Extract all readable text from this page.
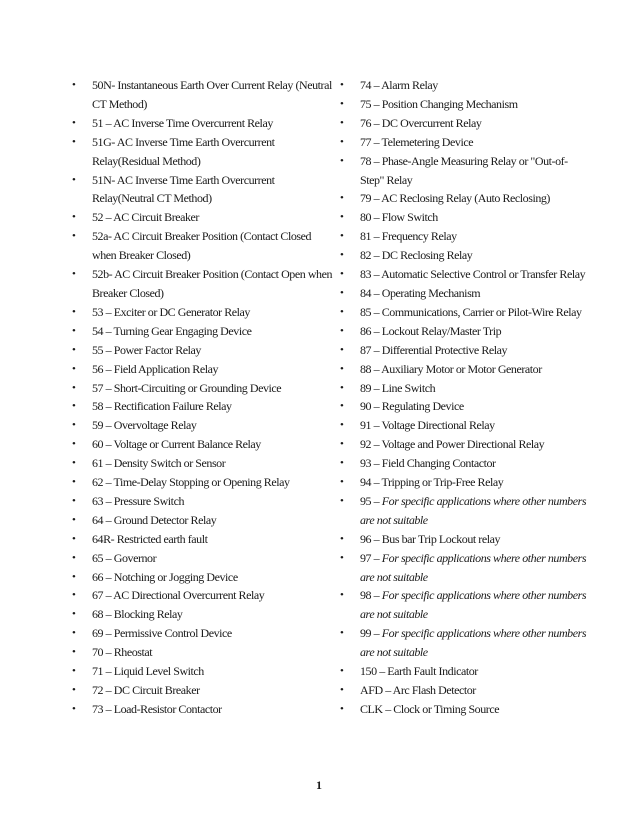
• 50N- Instantaneous Earth Over Current Relay (Neutral CT Method)
• 51 – AC Inverse Time Overcurrent Relay
• 51G- AC Inverse Time Earth Overcurrent Relay(Residual Method)
• 51N- AC Inverse Time Earth Overcurrent Relay(Neutral CT Method)
• 52 – AC Circuit Breaker
• 52a- AC Circuit Breaker Position (Contact Closed when Breaker Closed)
• 52b- AC Circuit Breaker Position (Contact Open when Breaker Closed)
• 53 – Exciter or DC Generator Relay
• 54 – Turning Gear Engaging Device
• 55 – Power Factor Relay
• 56 – Field Application Relay
• 57 – Short-Circuiting or Grounding Device
• 58 – Rectification Failure Relay
• 59 – Overvoltage Relay
• 60 – Voltage or Current Balance Relay
• 61 – Density Switch or Sensor
• 62 – Time-Delay Stopping or Opening Relay
• 63 – Pressure Switch
• 64 – Ground Detector Relay
• 64R- Restricted earth fault
• 65 – Governor
• 66 – Notching or Jogging Device
• 67 – AC Directional Overcurrent Relay
• 68 – Blocking Relay
• 69 – Permissive Control Device
• 70 – Rheostat
• 71 – Liquid Level Switch
• 72 – DC Circuit Breaker
• 73 – Load-Resistor Contactor
• 74 – Alarm Relay
• 75 – Position Changing Mechanism
• 76 – DC Overcurrent Relay
• 77 – Telemetering Device
• 78 – Phase-Angle Measuring Relay or "Out-of-Step" Relay
• 79 – AC Reclosing Relay (Auto Reclosing)
• 80 – Flow Switch
• 81 – Frequency Relay
• 82 – DC Reclosing Relay
• 83 – Automatic Selective Control or Transfer Relay
• 84 – Operating Mechanism
• 85 – Communications, Carrier or Pilot-Wire Relay
• 86 – Lockout Relay/Master Trip
• 87 – Differential Protective Relay
• 88 – Auxiliary Motor or Motor Generator
• 89 – Line Switch
• 90 – Regulating Device
• 91 – Voltage Directional Relay
• 92 – Voltage and Power Directional Relay
• 93 – Field Changing Contactor
• 94 – Tripping or Trip-Free Relay
• 95 – For specific applications where other numbers are not suitable
• 96 – Bus bar Trip Lockout relay
• 97 – For specific applications where other numbers are not suitable
• 98 – For specific applications where other numbers are not suitable
• 99 – For specific applications where other numbers are not suitable
• 150 – Earth Fault Indicator
• AFD – Arc Flash Detector
• CLK – Clock or Timing Source
1
